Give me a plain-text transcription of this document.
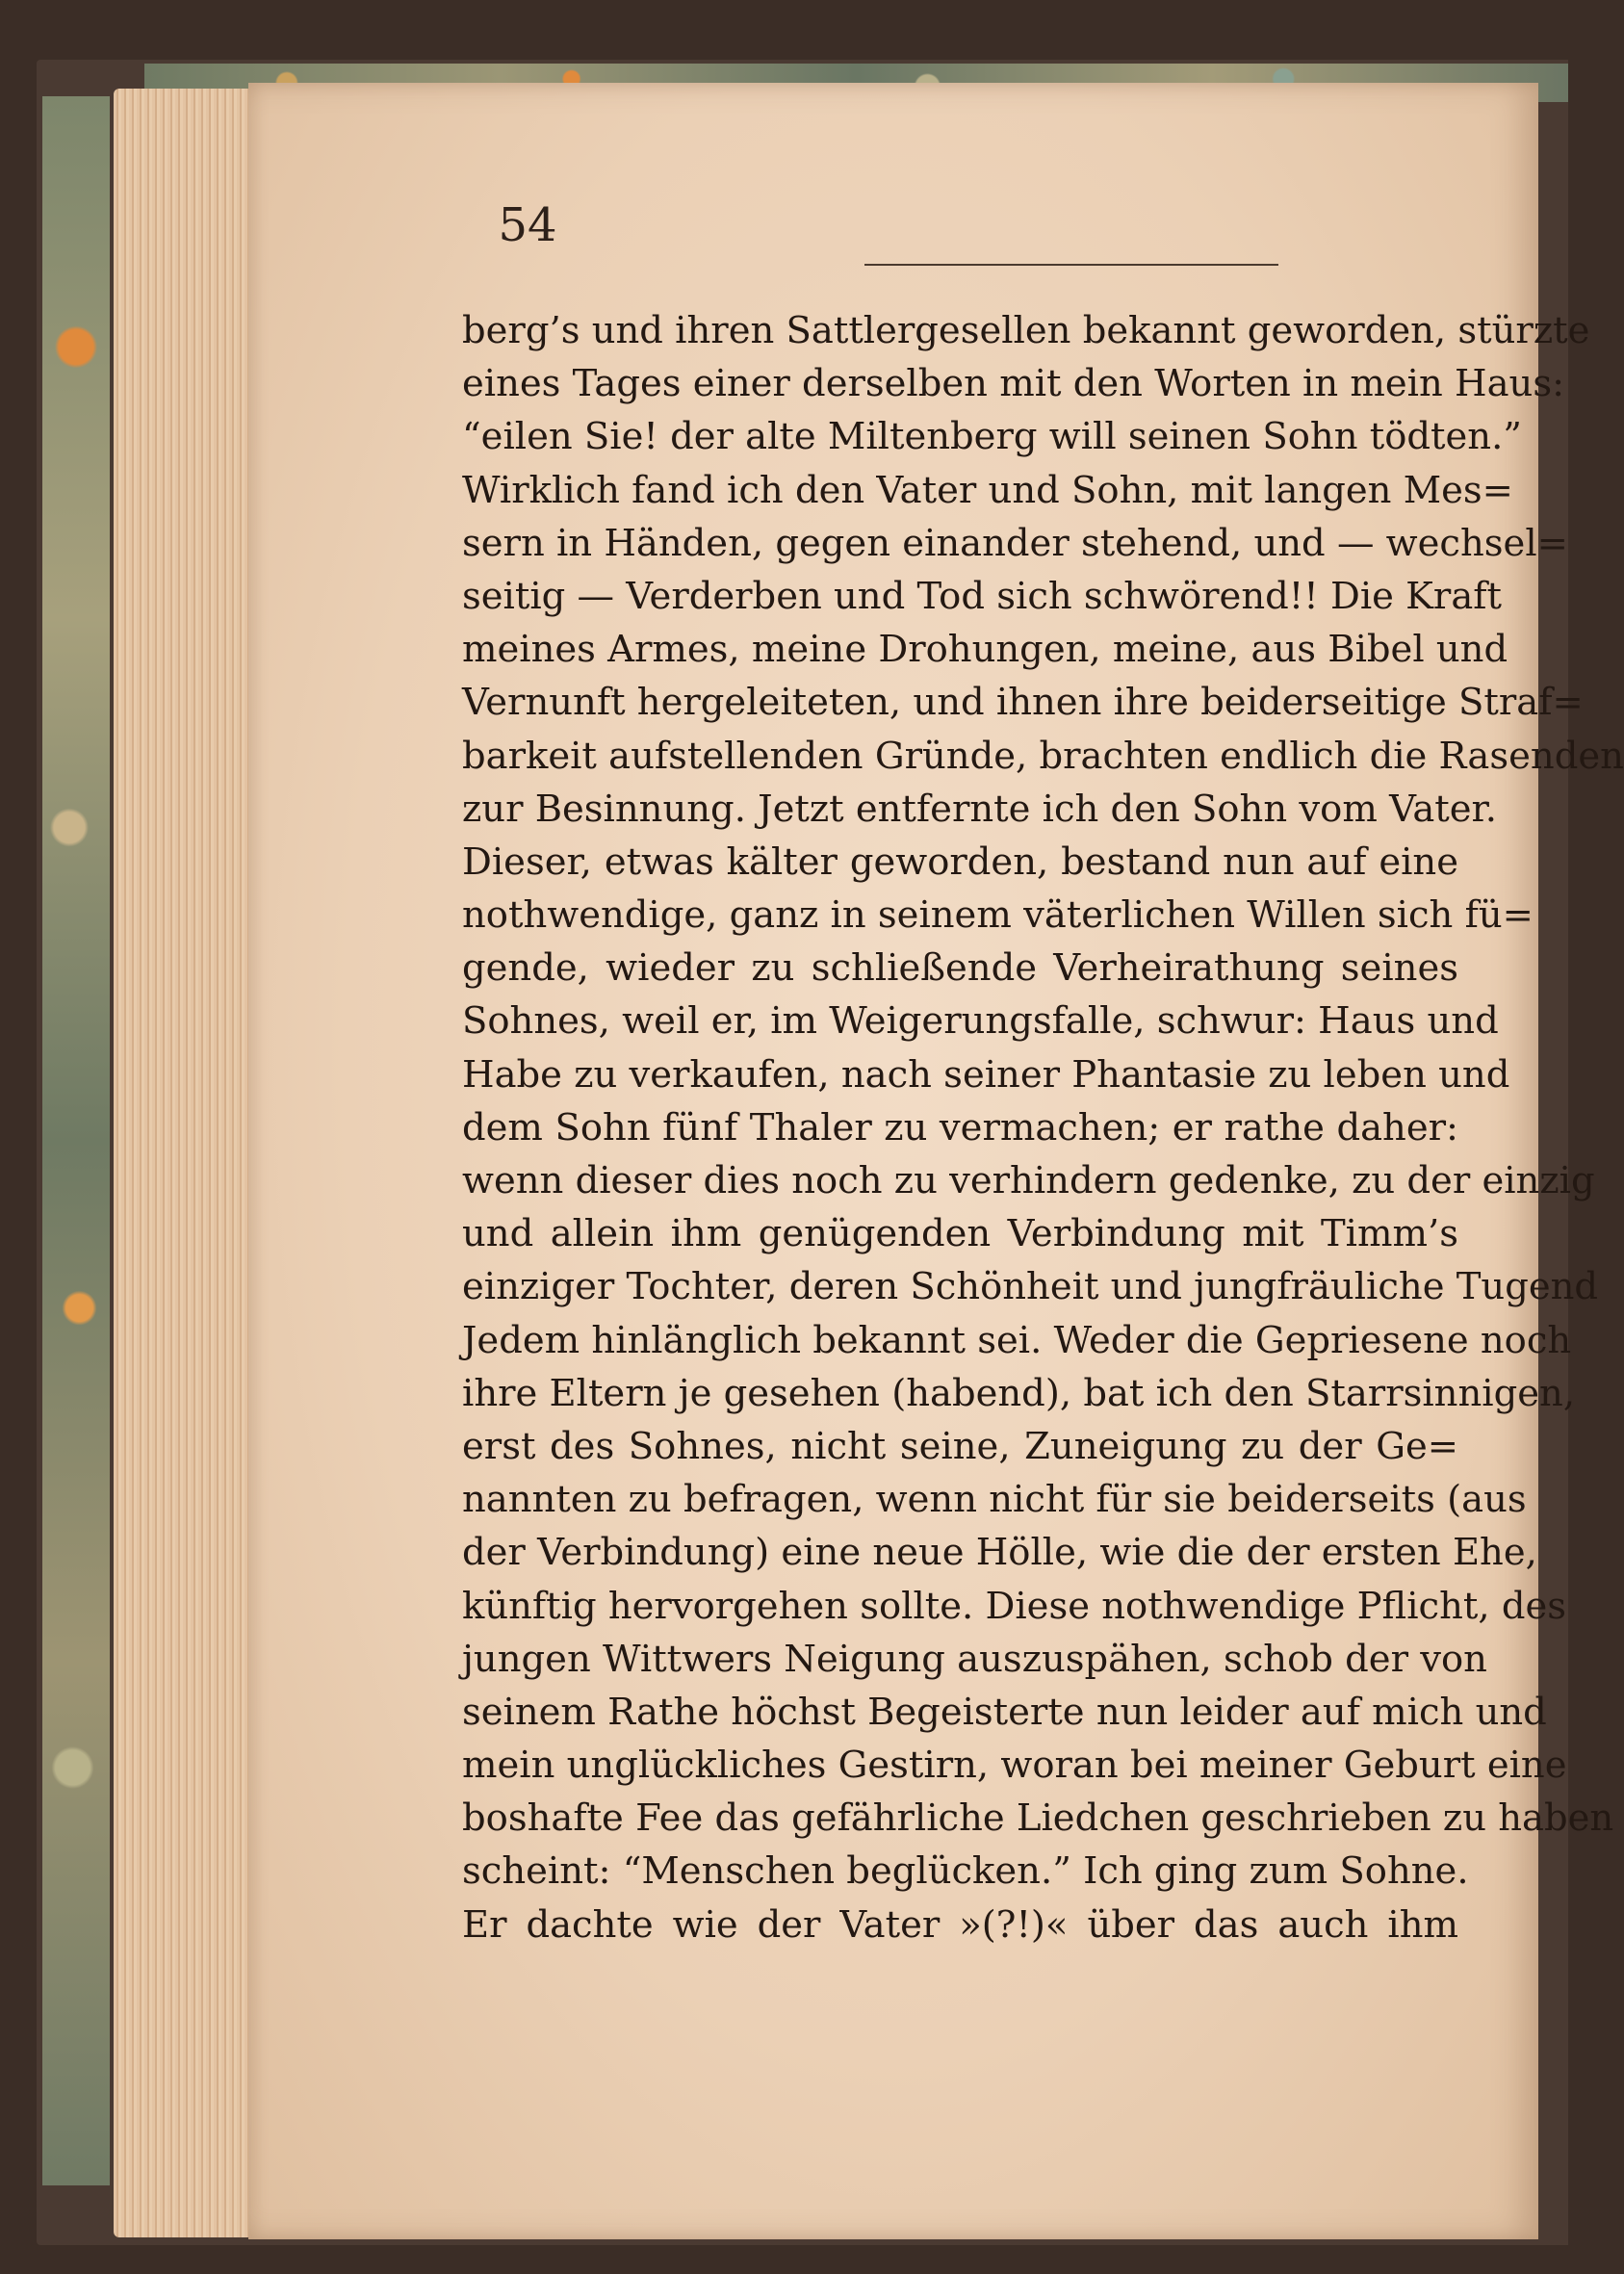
54
berg’s und ihren Sattlergesellen bekannt geworden, stürzte
eines Tages einer derselben mit den Worten in mein Haus:
“eilen Sie! der alte Miltenberg will seinen Sohn tödten.”
Wirklich fand ich den Vater und Sohn, mit langen Mes=
sern in Händen, gegen einander stehend, und — wechsel=
seitig — Verderben und Tod sich schwörend!! Die Kraft
meines Armes, meine Drohungen, meine, aus Bibel und
Vernunft hergeleiteten, und ihnen ihre beiderseitige Straf=
barkeit aufstellenden Gründe, brachten endlich die Rasenden
zur Besinnung. Jetzt entfernte ich den Sohn vom Vater.
Dieser, etwas kälter geworden, bestand nun auf eine
nothwendige, ganz in seinem väterlichen Willen sich fü=
gende, wieder zu schließende Verheirathung seines
Sohnes, weil er, im Weigerungsfalle, schwur: Haus und
Habe zu verkaufen, nach seiner Phantasie zu leben und
dem Sohn fünf Thaler zu vermachen; er rathe daher:
wenn dieser dies noch zu verhindern gedenke, zu der einzig
und allein ihm genügenden Verbindung mit Timm’s
einziger Tochter, deren Schönheit und jungfräuliche Tugend
Jedem hinlänglich bekannt sei. Weder die Gepriesene noch
ihre Eltern je gesehen (habend), bat ich den Starrsinnigen,
erst des Sohnes, nicht seine, Zuneigung zu der Ge=
nannten zu befragen, wenn nicht für sie beiderseits (aus
der Verbindung) eine neue Hölle, wie die der ersten Ehe,
künftig hervorgehen sollte. Diese nothwendige Pflicht, des
jungen Wittwers Neigung auszuspähen, schob der von
seinem Rathe höchst Begeisterte nun leider auf mich und
mein unglückliches Gestirn, woran bei meiner Geburt eine
boshafte Fee das gefährliche Liedchen geschrieben zu haben
scheint: “Menschen beglücken.” Ich ging zum Sohne.
Er dachte wie der Vater »(?!)« über das auch ihm
